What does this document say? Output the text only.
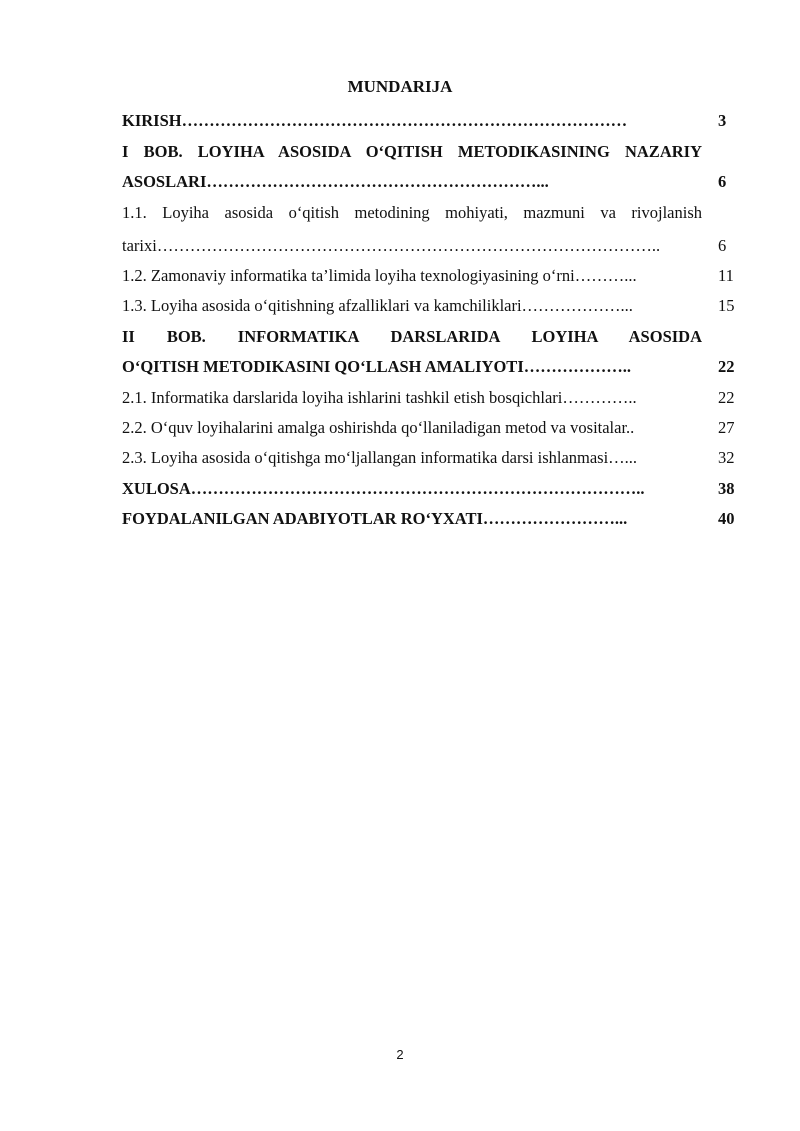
MUNDARIJA
KIRISH………………………………………………………………………	3
I BOB. LOYIHA ASOSIDA O‘QITISH METODIKASINING NAZARIY
ASOSLARI……………………………………………………...	6
1.1. Loyiha asosida o‘qitish metodining mohiyati, mazmuni va rivojlanish
tarixi………………………………………………………………………………..	6
1.2. Zamonaviy informatika ta’limida loyiha texnologiyasining o‘rni………...	11
1.3. Loyiha asosida o‘qitishning afzalliklari va kamchiliklari………………...	15
II BOB. INFORMATIKA DARSLARIDA LOYIHA ASOSIDA
O‘QITISH METODIKASINI QO‘LLASH AMALIYOTI………………..	22
2.1. Informatika darslarida loyiha ishlarini tashkil etish bosqichlari…………..	22
2.2. O‘quv loyihalarini amalga oshirishda qo‘llaniladigan metod va vositalar..	27
2.3. Loyiha asosida o‘qitishga mo‘ljallangan informatika darsi ishlanmasi…...	32
XULOSA………………………………………………………………………..	38
FOYDALANILGAN ADABIYOTLAR RO‘YXATI……………………...	40
2
